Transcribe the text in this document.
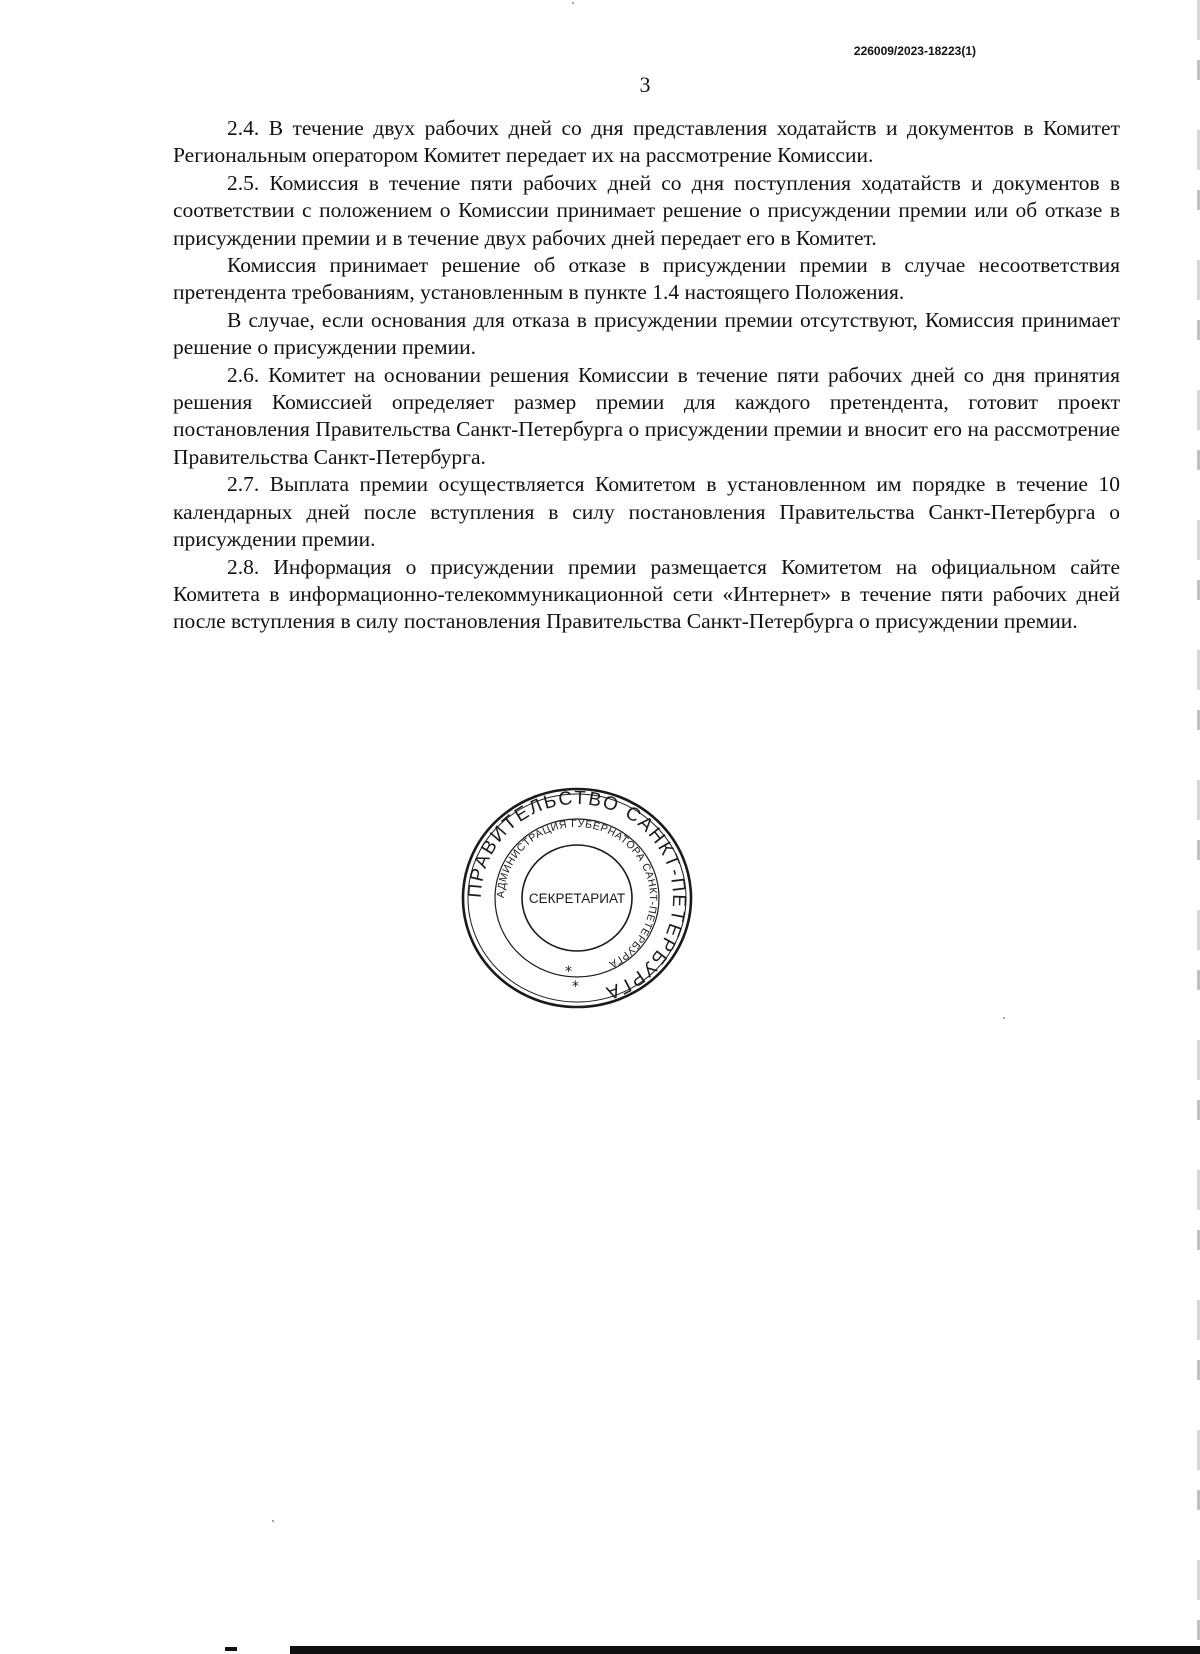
226009/2023-18223(1)
3

2.4. В течение двух рабочих дней со дня представления ходатайств и документов в Комитет Региональным оператором Комитет передает их на рассмотрение Комиссии.

2.5. Комиссия в течение пяти рабочих дней со дня поступления ходатайств и документов в соответствии с положением о Комиссии принимает решение о присуждении премии или об отказе в присуждении премии и в течение двух рабочих дней передает его в Комитет.

Комиссия принимает решение об отказе в присуждении премии в случае несоответствия претендента требованиям, установленным в пункте 1.4 настоящего Положения.

В случае, если основания для отказа в присуждении премии отсутствуют, Комиссия принимает решение о присуждении премии.

2.6. Комитет на основании решения Комиссии в течение пяти рабочих дней со дня принятия решения Комиссией определяет размер премии для каждого претендента, готовит проект постановления Правительства Санкт-Петербурга о присуждении премии и вносит его на рассмотрение Правительства Санкт-Петербурга.

2.7. Выплата премии осуществляется Комитетом в установленном им порядке в течение 10 календарных дней после вступления в силу постановления Правительства Санкт-Петербурга о присуждении премии.

2.8. Информация о присуждении премии размещается Комитетом на официальном сайте Комитета в информационно-телекоммуникационной сети «Интернет» в течение пяти рабочих дней после вступления в силу постановления Правительства Санкт-Петербурга о присуждении премии.

ПРАВИТЕЛЬСТВО САНКТ-ПЕТЕРБУРГА
АДМИНИСТРАЦИЯ ГУБЕРНАТОРА САНКТ-ПЕТЕРБУРГА
СЕКРЕТАРИАТ
*
*
